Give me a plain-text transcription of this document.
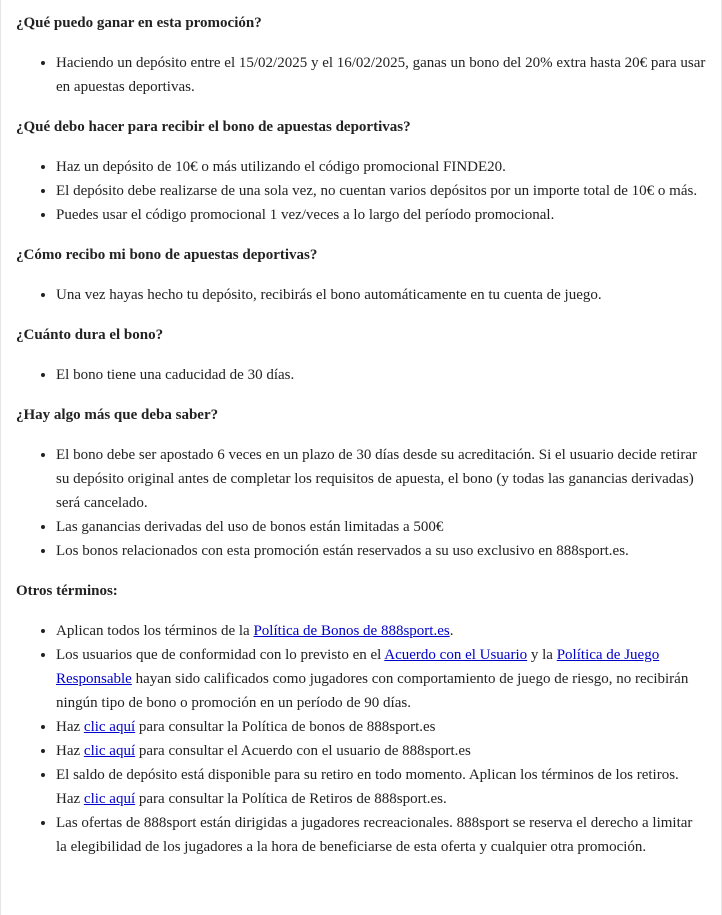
¿Qué puedo ganar en esta promoción?
• Haciendo un depósito entre el 15/02/2025 y el 16/02/2025, ganas un bono del 20% extra hasta 20€ para usar en apuestas deportivas.
¿Qué debo hacer para recibir el bono de apuestas deportivas?
• Haz un depósito de 10€ o más utilizando el código promocional FINDE20.
• El depósito debe realizarse de una sola vez, no cuentan varios depósitos por un importe total de 10€ o más.
• Puedes usar el código promocional 1 vez/veces a lo largo del período promocional.
¿Cómo recibo mi bono de apuestas deportivas?
• Una vez hayas hecho tu depósito, recibirás el bono automáticamente en tu cuenta de juego.
¿Cuánto dura el bono?
• El bono tiene una caducidad de 30 días.
¿Hay algo más que deba saber?
• El bono debe ser apostado 6 veces en un plazo de 30 días desde su acreditación. Si el usuario decide retirar su depósito original antes de completar los requisitos de apuesta, el bono (y todas las ganancias derivadas) será cancelado.
• Las ganancias derivadas del uso de bonos están limitadas a 500€
• Los bonos relacionados con esta promoción están reservados a su uso exclusivo en 888sport.es.
Otros términos:
• Aplican todos los términos de la Política de Bonos de 888sport.es.
• Los usuarios que de conformidad con lo previsto en el Acuerdo con el Usuario y la Política de Juego Responsable hayan sido calificados como jugadores con comportamiento de juego de riesgo, no recibirán ningún tipo de bono o promoción en un período de 90 días.
• Haz clic aquí para consultar la Política de bonos de 888sport.es
• Haz clic aquí para consultar el Acuerdo con el usuario de 888sport.es
• El saldo de depósito está disponible para su retiro en todo momento. Aplican los términos de los retiros. Haz clic aquí para consultar la Política de Retiros de 888sport.es.
• Las ofertas de 888sport están dirigidas a jugadores recreacionales. 888sport se reserva el derecho a limitar la elegibilidad de los jugadores a la hora de beneficiarse de esta oferta y cualquier otra promoción.
